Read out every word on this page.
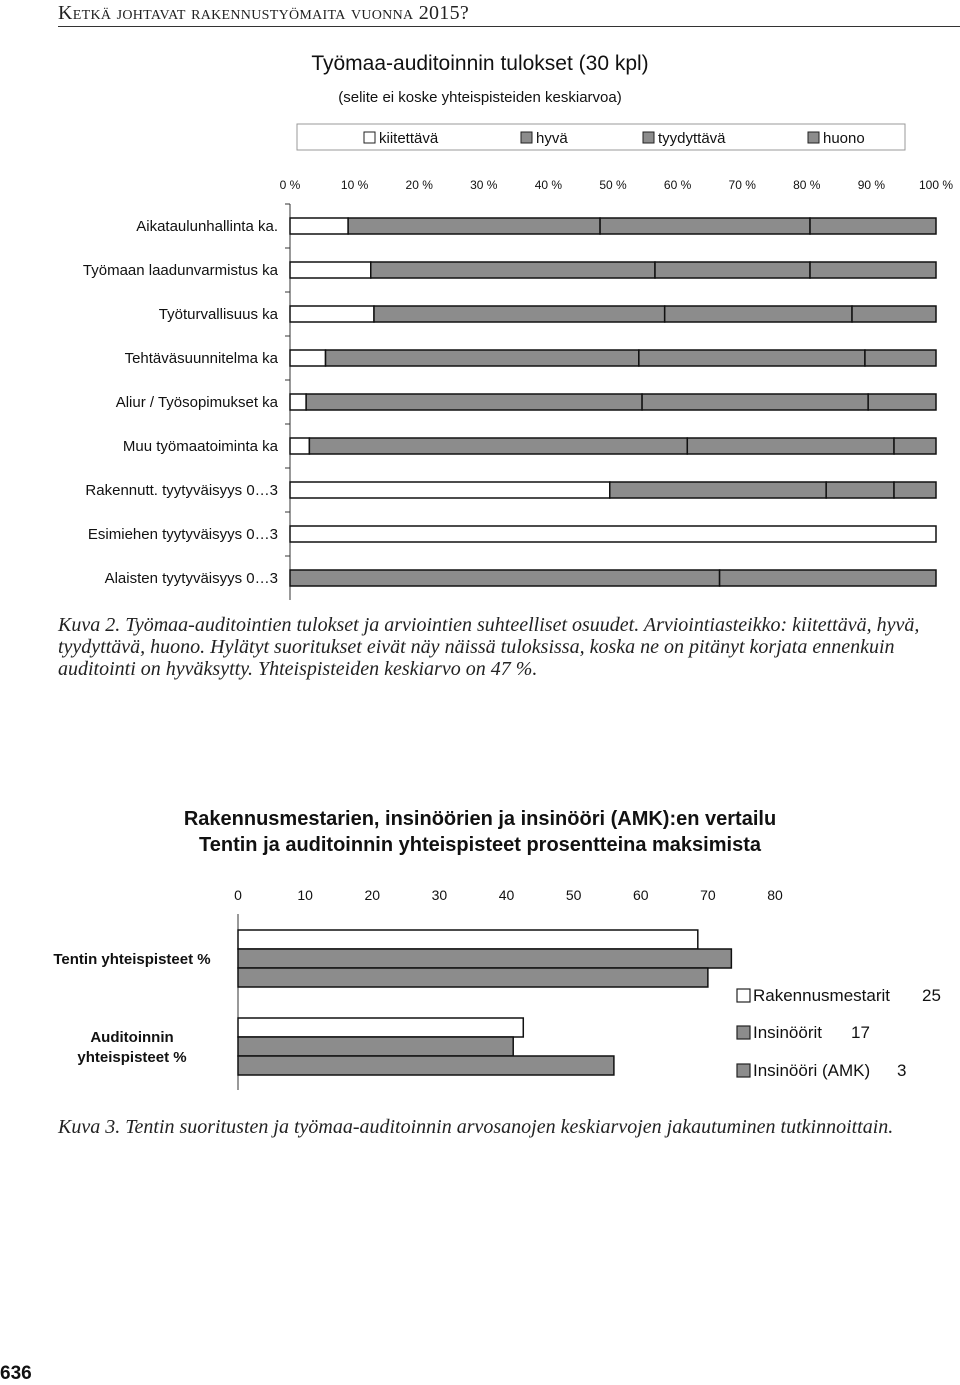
Ketkä johtavat rakennustyömaita vuonna 2015?
Työmaa-auditoinnin tulokset (30 kpl)
(selite ei koske yhteispisteiden keskiarvoa)
kiitettävä	hyvä	tyydyttävä	huono
0 %	10 %	20 %	30 %	40 %	50 %	60 %	70 %	80 %	90 %	100 %
Aikataulunhallinta ka.
Työmaan laadunvarmistus ka
Työturvallisuus ka
Tehtäväsuunnitelma ka
Aliur / Työsopimukset ka
Muu työmaatoiminta ka
Rakennutt. tyytyväisyys 0…3
Esimiehen tyytyväisyys 0…3
Alaisten tyytyväisyys 0…3
Kuva 2. Työmaa-auditointien tulokset ja arviointien suhteelliset osuudet. Arviointiasteikko: kiitettävä, hyvä, tyydyttävä, huono. Hylätyt suoritukset eivät näy näissä tuloksissa, koska ne on pitänyt korjata ennenkuin auditointi on hyväksytty. Yhteispisteiden keskiarvo on 47 %.
Rakennusmestarien, insinöörien ja insinööri (AMK):en vertailu
Tentin ja auditoinnin yhteispisteet prosentteina maksimista
0	10	20	30	40	50	60	70	80
Tentin yhteispisteet %
Auditoinnin
yhteispisteet %
Rakennusmestarit 25
Insinöörit 17
Insinööri (AMK) 3
Kuva 3. Tentin suoritusten ja työmaa-auditoinnin arvosanojen keskiarvojen jakautuminen tutkinnoittain.
636
